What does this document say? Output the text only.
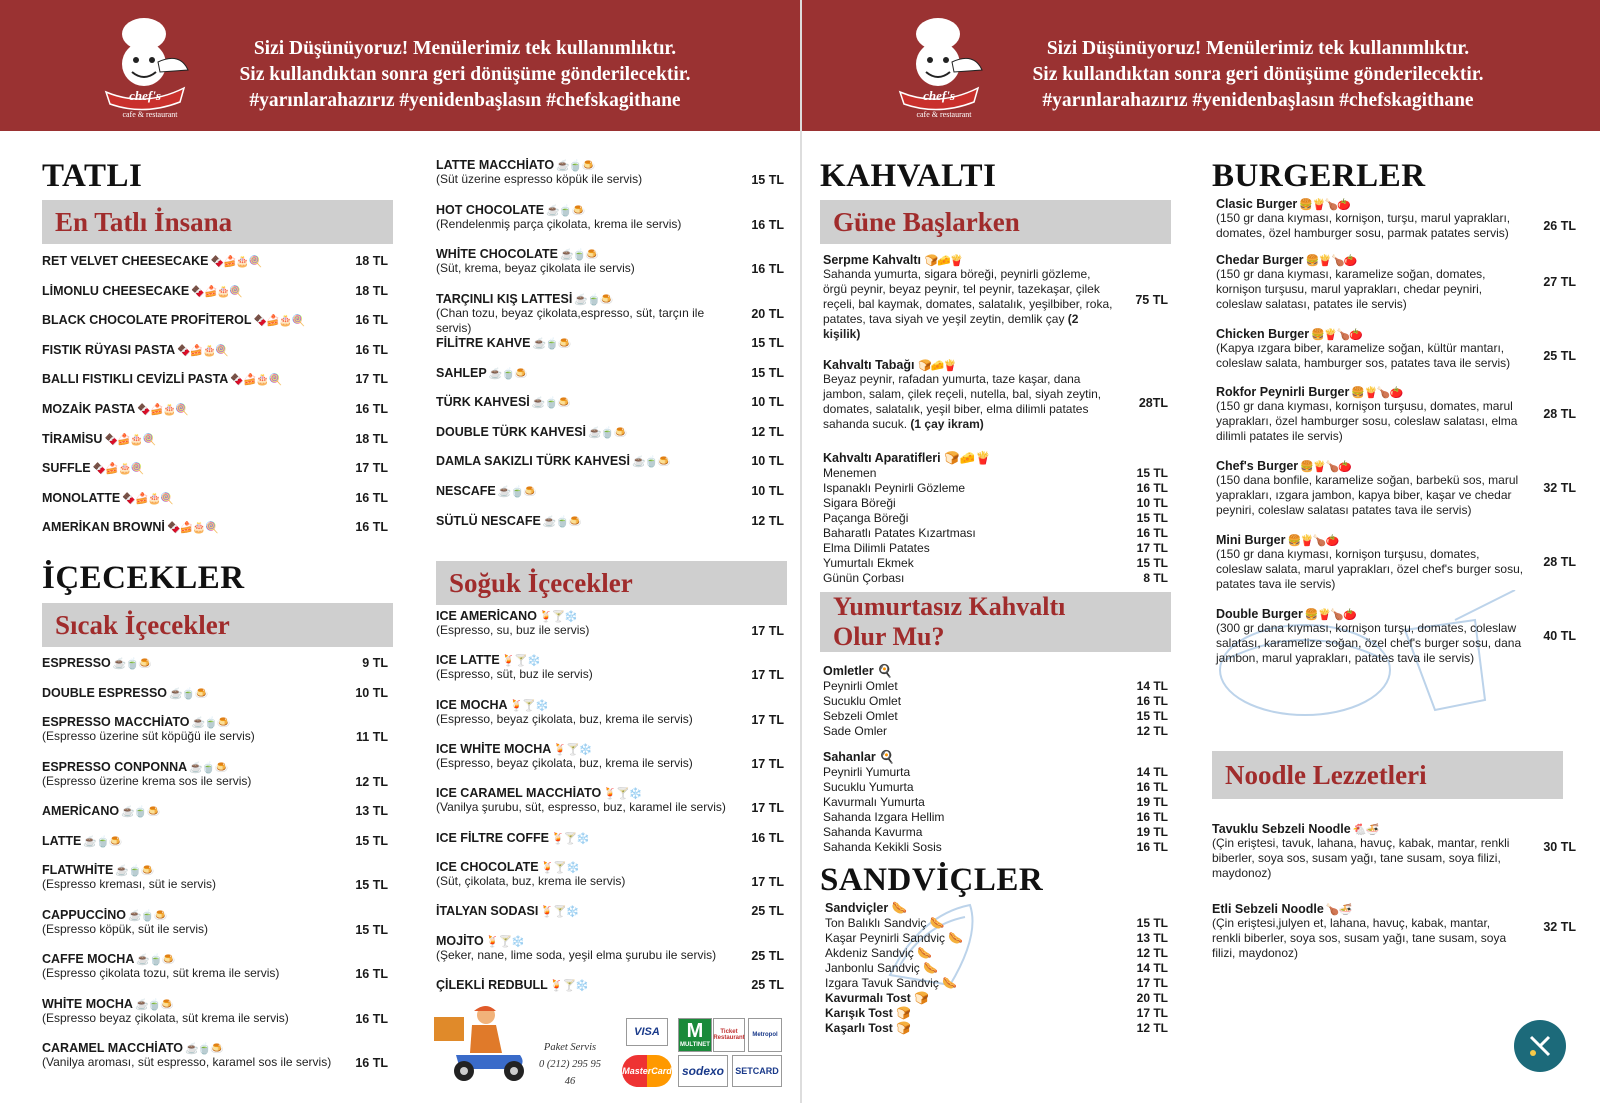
chef's
cafe & restaurant
Sizi Düşünüyoruz! Menülerimiz tek kullanımlıktır.
Siz kullandıktan sonra geri dönüşüme gönderilecektir.
#yarınlarahazırız #yenidenbaşlasın #chefskagithane	chef's
cafe & restaurant
Sizi Düşünüyoruz! Menülerimiz tek kullanımlıktır.
Siz kullandıktan sonra geri dönüşüme gönderilecektir.
#yarınlarahazırız #yenidenbaşlasın #chefskagithane
TATLI
En Tatlı İnsana
RET VELVET CHEESECAKE 🍫🍰🎂🍭	18 TL
LİMONLU CHEESECAKE 🍫🍰🎂🍭	18 TL
BLACK CHOCOLATE PROFİTEROL 🍫🍰🎂🍭	16 TL
FISTIK RÜYASI PASTA 🍫🍰🎂🍭	16 TL
BALLI FISTIKLI CEVİZLİ PASTA 🍫🍰🎂🍭	17 TL
MOZAİK PASTA 🍫🍰🎂🍭	16 TL
TİRAMİSU 🍫🍰🎂🍭	18 TL
SUFFLE 🍫🍰🎂🍭	17 TL
MONOLATTE 🍫🍰🎂🍭	16 TL
AMERİKAN BROWNİ 🍫🍰🎂🍭	16 TL
İÇECEKLER
Sıcak İçecekler
ESPRESSO ☕🍵🍮	9 TL
DOUBLE ESPRESSO ☕🍵🍮	10 TL
ESPRESSO MACCHİATO ☕🍵🍮
(Espresso üzerine süt köpüğü ile servis)	11 TL
ESPRESSO CONPONNA ☕🍵🍮
(Espresso üzerine krema sos ile servis)	12 TL
AMERİCANO ☕🍵🍮	13 TL
LATTE ☕🍵🍮	15 TL
FLATWHİTE ☕🍵🍮
(Espresso kreması, süt ie servis)	15 TL
CAPPUCCİNO ☕🍵🍮
(Espresso köpük, süt ile servis)	15 TL
CAFFE MOCHA ☕🍵🍮
(Espresso çikolata tozu, süt krema ile servis)	16 TL
WHİTE MOCHA ☕🍵🍮
(Espresso beyaz çikolata, süt krema ile servis)	16 TL
CARAMEL MACCHİATO ☕🍵🍮
(Vanilya aroması, süt espresso, karamel sos ile servis)	16 TL
LATTE MACCHİATO ☕🍵🍮
(Süt üzerine espresso köpük ile servis)	15 TL
HOT CHOCOLATE ☕🍵🍮
(Rendelenmiş parça çikolata, krema ile servis)	16 TL
WHİTE CHOCOLATE ☕🍵🍮
(Süt, krema, beyaz çikolata ile servis)	16 TL
TARÇINLI KIŞ LATTESİ ☕🍵🍮
(Chan tozu, beyaz çikolata,espresso, süt, tarçın ile servis)
20 TL
FİLİTRE KAHVE ☕🍵🍮	15 TL
SAHLEP ☕🍵🍮	15 TL
TÜRK KAHVESİ ☕🍵🍮	10 TL
DOUBLE TÜRK KAHVESİ ☕🍵🍮	12 TL
DAMLA SAKIZLI TÜRK KAHVESİ ☕🍵🍮	10 TL
NESCAFE ☕🍵🍮	10 TL
SÜTLÜ NESCAFE ☕🍵🍮	12 TL
Soğuk İçecekler
ICE AMERİCANO 🍹🍸❄️
(Espresso, su, buz ile servis)	17 TL
ICE LATTE 🍹🍸❄️
(Espresso, süt, buz ile servis)	17 TL
ICE MOCHA 🍹🍸❄️
(Espresso, beyaz çikolata, buz, krema ile servis)	17 TL
ICE WHİTE MOCHA 🍹🍸❄️
(Espresso, beyaz çikolata, buz, krema ile servis)	17 TL
ICE CARAMEL MACCHİATO 🍹🍸❄️
(Vanilya şurubu, süt, espresso, buz, karamel ile servis)	17 TL
ICE FİLTRE COFFE 🍹🍸❄️	16 TL
ICE CHOCOLATE 🍹🍸❄️
(Süt, çikolata, buz, krema ile servis)	17 TL
İTALYAN SODASI 🍹🍸❄️	25 TL
MOJİTO 🍹🍸❄️
(Şeker, nane, lime soda, yeşil elma şurubu ile servis)	25 TL
ÇİLEKLİ REDBULL 🍹🍸❄️	25 TL
Paket Servis
0 (212) 295 95 46
VISA	M
MULTINET
Ticket Restaurant	Metropol
MasterCard sodexo	SETCARD
KAHVALTI
Güne Başlarken
Serpme Kahvaltı 🍞🧀🍟
Sahanda yumurta, sigara böreği, peynirli gözleme, örgü peynir, beyaz peynir, tel peynir, tazekaşar, çilek reçeli, bal kaymak, domates, salatalık, yeşilbiber, roka, patates, tava siyah ve yeşil zeytin, demlik çay (2 kişilik)
75 TL
Kahvaltı Tabağı 🍞🧀🍟
Beyaz peynir, rafadan yumurta, taze kaşar, dana jambon, salam, çilek reçeli, nutella, bal, siyah zeytin, domates, salatalık, yeşil biber, elma dilimli patates sahanda sucuk. (1 çay ikram)
28TL
Kahvaltı Aparatifleri 🍞🧀🍟
Menemen	15 TL
Ispanaklı Peynirli Gözleme	16 TL
Sigara Böreği	10 TL
Paçanga Böreği	15 TL
Baharatlı Patates Kızartması	16 TL
Elma Dilimli Patates	17 TL
Yumurtalı Ekmek	15 TL
Günün Çorbası	8 TL
Yumurtasız Kahvaltı
Olur Mu?
Omletler 🍳
Peynirli Omlet	14 TL
Sucuklu Omlet	16 TL
Sebzeli Omlet	15 TL
Sade Omler	12 TL
Sahanlar 🍳
Peynirli Yumurta	14 TL
Sucuklu Yumurta	16 TL
Kavurmalı Yumurta	19 TL
Sahanda Izgara Hellim	16 TL
Sahanda Kavurma	19 TL
Sahanda Kekikli Sosis	16 TL
SANDVİÇLER
Sandviçler 🌭
Ton Balıklı Sandviç 🌭	15 TL
Kaşar Peynirli Sandviç 🌭	13 TL
Akdeniz Sandviç 🌭	12 TL
Janbonlu Sandviç 🌭	14 TL
Izgara Tavuk Sandviç 🌭	17 TL
Kavurmalı Tost 🍞	20 TL
Karışık Tost 🍞	17 TL
Kaşarlı Tost 🍞	12 TL
BURGERLER
Clasic Burger 🍔🍟🍗🍅
(150 gr dana kıyması, kornişon, turşu, marul yaprakları, domates, özel hamburger sosu, parmak patates servis)	26 TL
Chedar Burger 🍔🍟🍗🍅
(150 gr dana kıyması, karamelize soğan, domates, kornişon turşusu, marul yaprakları, chedar peyniri, coleslaw salatası, patates ile servis)
27 TL
Chicken Burger 🍔🍟🍗🍅
(Kapya ızgara biber, karamelize soğan, kültür mantarı, coleslaw salata, hamburger sos, patates tava ile servis)	25 TL
Rokfor Peynirli Burger 🍔🍟🍗🍅
(150 gr dana kıyması, kornişon turşusu, domates, marul yaprakları, özel hamburger sosu, coleslaw salatası, elma dilimli patates ile servis)
28 TL
Chef's Burger 🍔🍟🍗🍅
(150 dana bonfile, karamelize soğan, barbekü sos, marul yaprakları, ızgara jambon, kapya biber, kaşar ve chedar peyniri, coleslaw salatası patates tava ile servis)
32 TL
Mini Burger 🍔🍟🍗🍅
(150 gr dana kıyması, kornişon turşusu, domates, coleslaw salata, marul yaprakları, özel chef's burger sosu, patates tava ile servis)
28 TL
Double Burger 🍔🍟🍗🍅
(300 gr dana kıyması, kornişon turşu, domates, coleslaw salatası, karamelize soğan, özel chef's burger sosu, dana jambon, marul yaprakları, patates tava ile servis)
40 TL
Noodle Lezzetleri
Tavuklu Sebzeli Noodle 🐔🍜
(Çin eriştesi, tavuk, lahana, havuç, kabak, mantar, renkli biberler, soya sos, susam yağı, tane susam, soya filizi, maydonoz)
30 TL
Etli Sebzeli Noodle 🍗🍜
(Çin eriştesi,julyen et, lahana, havuç, kabak, mantar, renkli biberler, soya sos, susam yağı, tane susam, soya filizi, maydonoz)
32 TL
